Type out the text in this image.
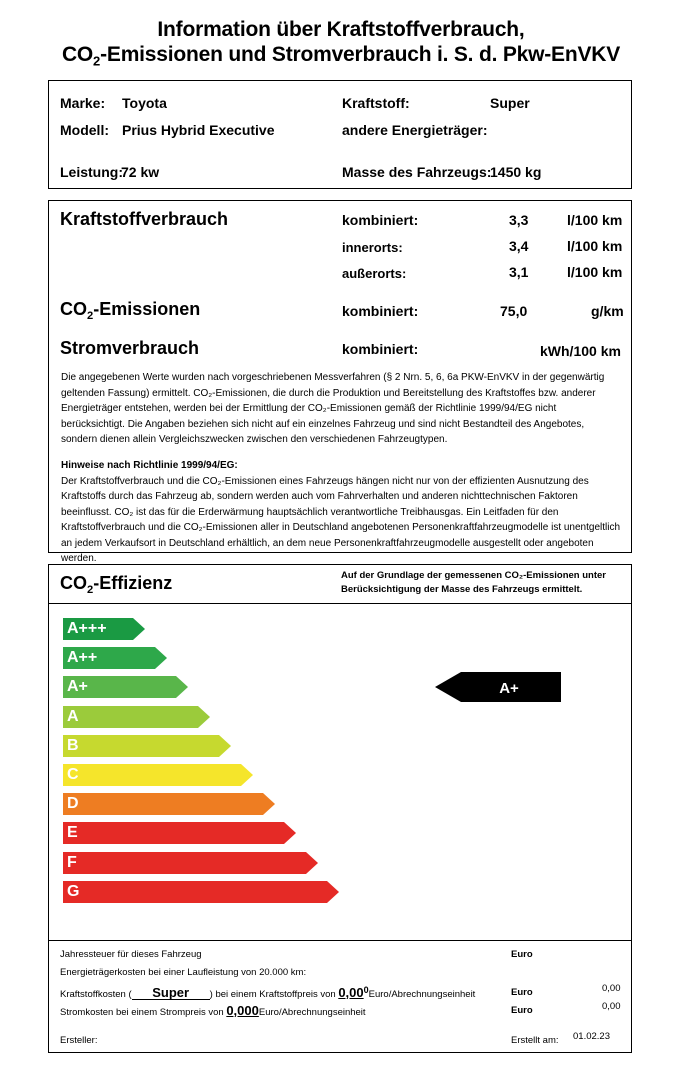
Information über Kraftstoffverbrauch,
$CO_2$-Emissionen und Stromverbrauch i. S. d. Pkw-EnVKV
Marke: Toyota
Modell: Prius Hybrid Executive
Leistung:
72 kw
Kraftstoff:	Super
andere Energieträger:
Masse des Fahrzeugs:
1450 kg
Kraftstoffverbrauch	kombiniert:	3,3	l/100 km
innerorts:	3,4	l/100 km
außerorts:	3,1	l/100 km
$CO_2$-Emissionen	kombiniert:	75,0	g/km
Stromverbrauch	kombiniert:	kWh/100 km

Die angegebenen Werte wurden nach vorgeschriebenen Messverfahren (§ 2 Nrn. 5, 6, 6a PKW-EnVKV in der gegenwärtig geltenden Fassung) ermittelt. CO₂-Emissionen, die durch die Produktion und Bereitstellung des Kraftstoffes bzw. anderer Energieträger entstehen, werden bei der Ermittlung der CO₂-Emissionen gemäß der Richtlinie 1999/94/EG nicht berücksichtigt. Die Angaben beziehen sich nicht auf ein einzelnes Fahrzeug und sind nicht Bestandteil des Angebotes, sondern dienen allein Vergleichszwecken zwischen den verschiedenen Fahrzeugtypen.

Hinweise nach Richtlinie 1999/94/EG:

Der Kraftstoffverbrauch und die CO₂-Emissionen eines Fahrzeugs hängen nicht nur von der effizienten Ausnutzung des Kraftstoffs durch das Fahrzeug ab, sondern werden auch vom Fahrverhalten und anderen nichttechnischen Faktoren beeinflusst. CO₂ ist das für die Erderwärmung hauptsächlich verantwortliche Treibhausgas. Ein Leitfaden für den Kraftstoffverbrauch und die CO₂-Emissionen aller in Deutschland angebotenen Personenkraftfahrzeugmodelle ist unentgeltlich an jedem Verkaufsort in Deutschland erhältlich, an dem neue Personenkraftfahrzeugmodelle ausgestellt oder angeboten werden.

$CO_2$-Effizienz	Auf der Grundlage der gemessenen CO₂-Emissionen unter
Berücksichtigung der Masse des Fahrzeugs ermittelt.
A+++
A++
A+
A
B
C
D
E
F
G
A+
Jahressteuer für dieses Fahrzeug	Euro
Energieträgerkosten bei einer Laufleistung von 20.000 km:
Kraftstoffkosten ( Super ) bei einem Kraftstoffpreis von 0,00$^0$Euro/Abrechnungseinheit	Euro	0,00
Stromkosten bei einem Strompreis von 0,000Euro/Abrechnungseinheit	Euro	0,00
Ersteller:	Erstellt am: 01.02.23
